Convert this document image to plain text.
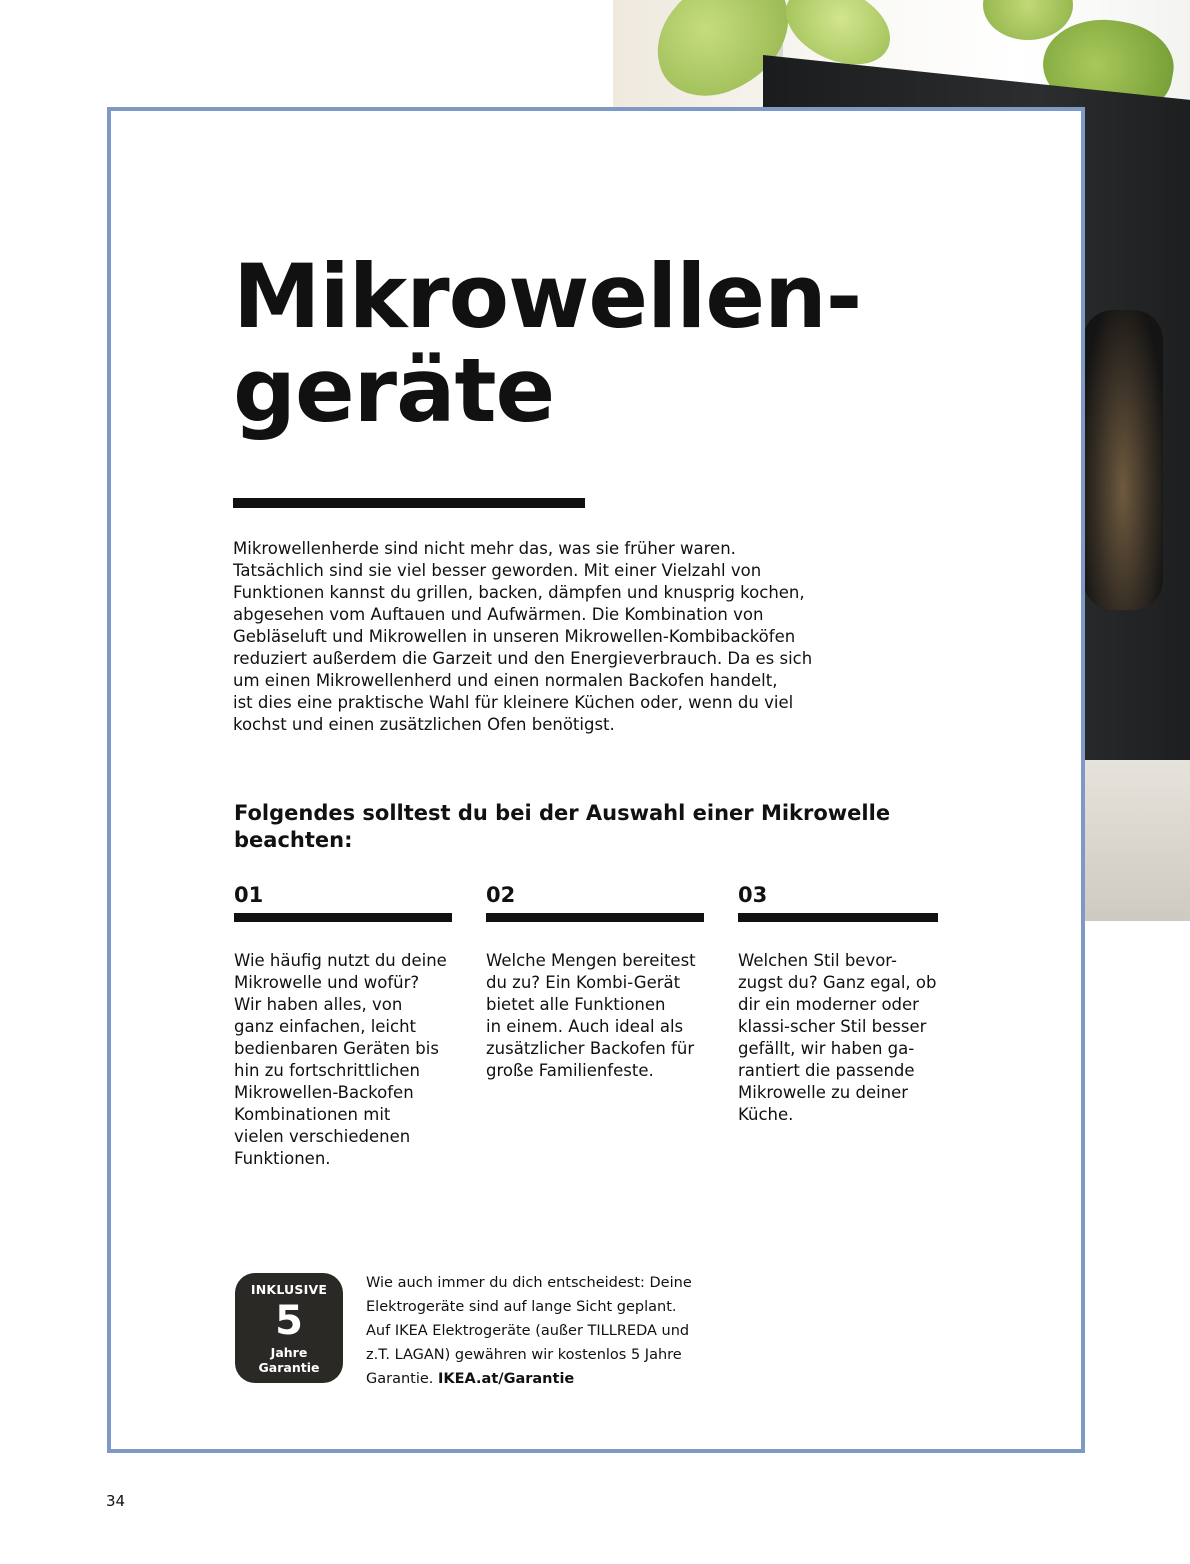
Mikrowellen-
geräte

Mikrowellenherde sind nicht mehr das, was sie früher waren.
Tatsächlich sind sie viel besser geworden. Mit einer Vielzahl von
Funktionen kannst du grillen, backen, dämpfen und knusprig kochen,
abgesehen vom Auftauen und Aufwärmen. Die Kombination von
Gebläseluft und Mikrowellen in unseren Mikrowellen-Kombibacköfen
reduziert außerdem die Garzeit und den Energieverbrauch. Da es sich
um einen Mikrowellenherd und einen normalen Backofen handelt,
ist dies eine praktische Wahl für kleinere Küchen oder, wenn du viel
kochst und einen zusätzlichen Ofen benötigst.

Folgendes solltest du bei der Auswahl einer Mikrowelle
beachten:
01
Wie häufig nutzt du deine
Mikrowelle und wofür?
Wir haben alles, von
ganz einfachen, leicht
bedienbaren Geräten bis
hin zu fortschrittlichen
Mikrowellen-Backofen
Kombinationen mit
vielen verschiedenen
Funktionen.
02
Welche Mengen bereitest
du zu? Ein Kombi-Gerät
bietet alle Funktionen
in einem. Auch ideal als
zusätzlicher Backofen für
große Familienfeste.
03
Welchen Stil bevor-
zugst du? Ganz egal, ob
dir ein moderner oder
klassi-scher Stil besser
gefällt, wir haben ga-
rantiert die passende
Mikrowelle zu deiner
Küche.
INKLUSIVE
5
Jahre
Garantie
Wie auch immer du dich entscheidest: Deine
Elektrogeräte sind auf lange Sicht geplant.
Auf IKEA Elektrogeräte (außer TILLREDA und
z.T. LAGAN) gewähren wir kostenlos 5 Jahre
Garantie. IKEA.at/Garantie
34
